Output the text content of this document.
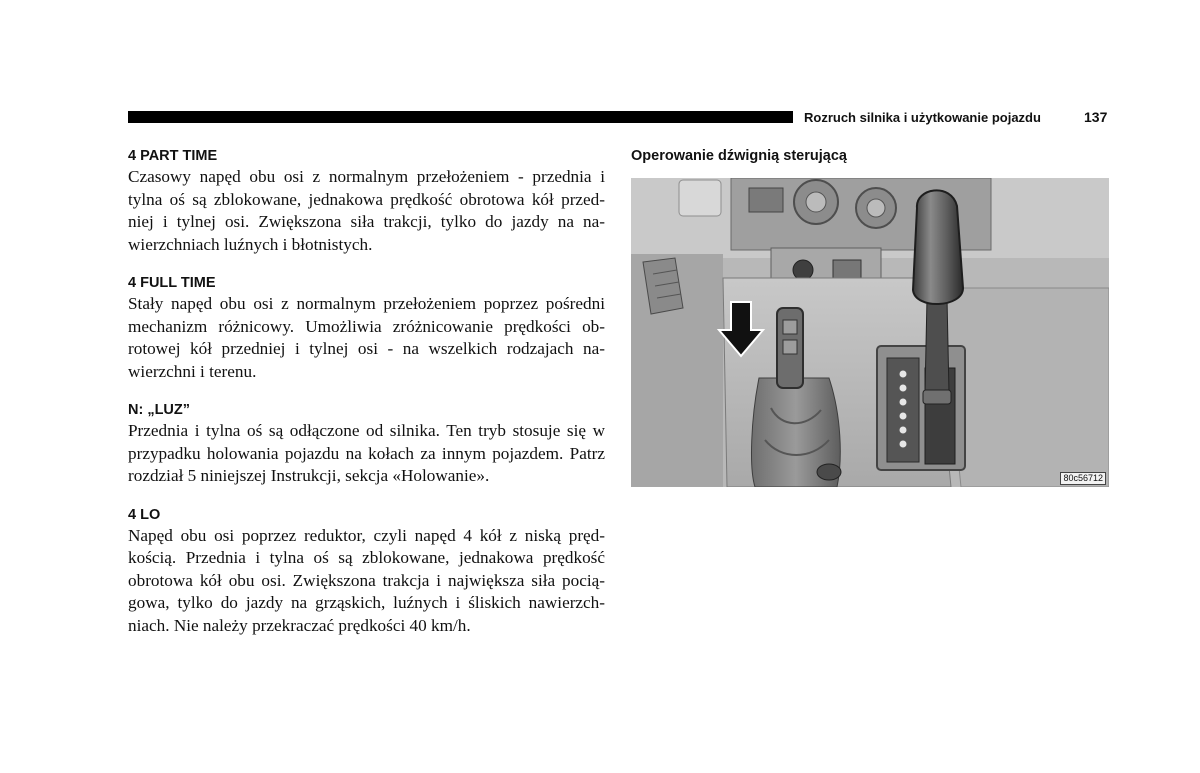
Rozruch silnika i użytkowanie pojazdu	137
4 PART TIME
Czasowy napęd obu osi z normalnym przełożeniem - przednia i
tylna oś są zblokowane, jednakowa prędkość obrotowa kół przed-
niej i tylnej osi. Zwiększona siła trakcji, tylko do jazdy na na-
wierzchniach luźnych i błotnistych.
4 FULL TIME
Stały napęd obu osi z normalnym przełożeniem poprzez pośredni
mechanizm różnicowy. Umożliwia zróżnicowanie prędkości ob-
rotowej kół przedniej i tylnej osi - na wszelkich rodzajach na-
wierzchni i terenu.
N: „LUZ”
Przednia i tylna oś są odłączone od silnika. Ten tryb stosuje się w
przypadku holowania pojazdu na kołach za innym pojazdem. Patrz
rozdział 5 niniejszej Instrukcji, sekcja «Holowanie».
4 LO
Napęd obu osi poprzez reduktor, czyli napęd 4 kół z niską pręd-
kością. Przednia i tylna oś są zblokowane, jednakowa prędkość
obrotowa kół obu osi. Zwiększona trakcja i największa siła pocią-
gowa, tylko do jazdy na grząskich, luźnych i śliskich nawierzch-
niach. Nie należy przekraczać prędkości 40 km/h.
Operowanie dźwignią sterującą
80c56712
